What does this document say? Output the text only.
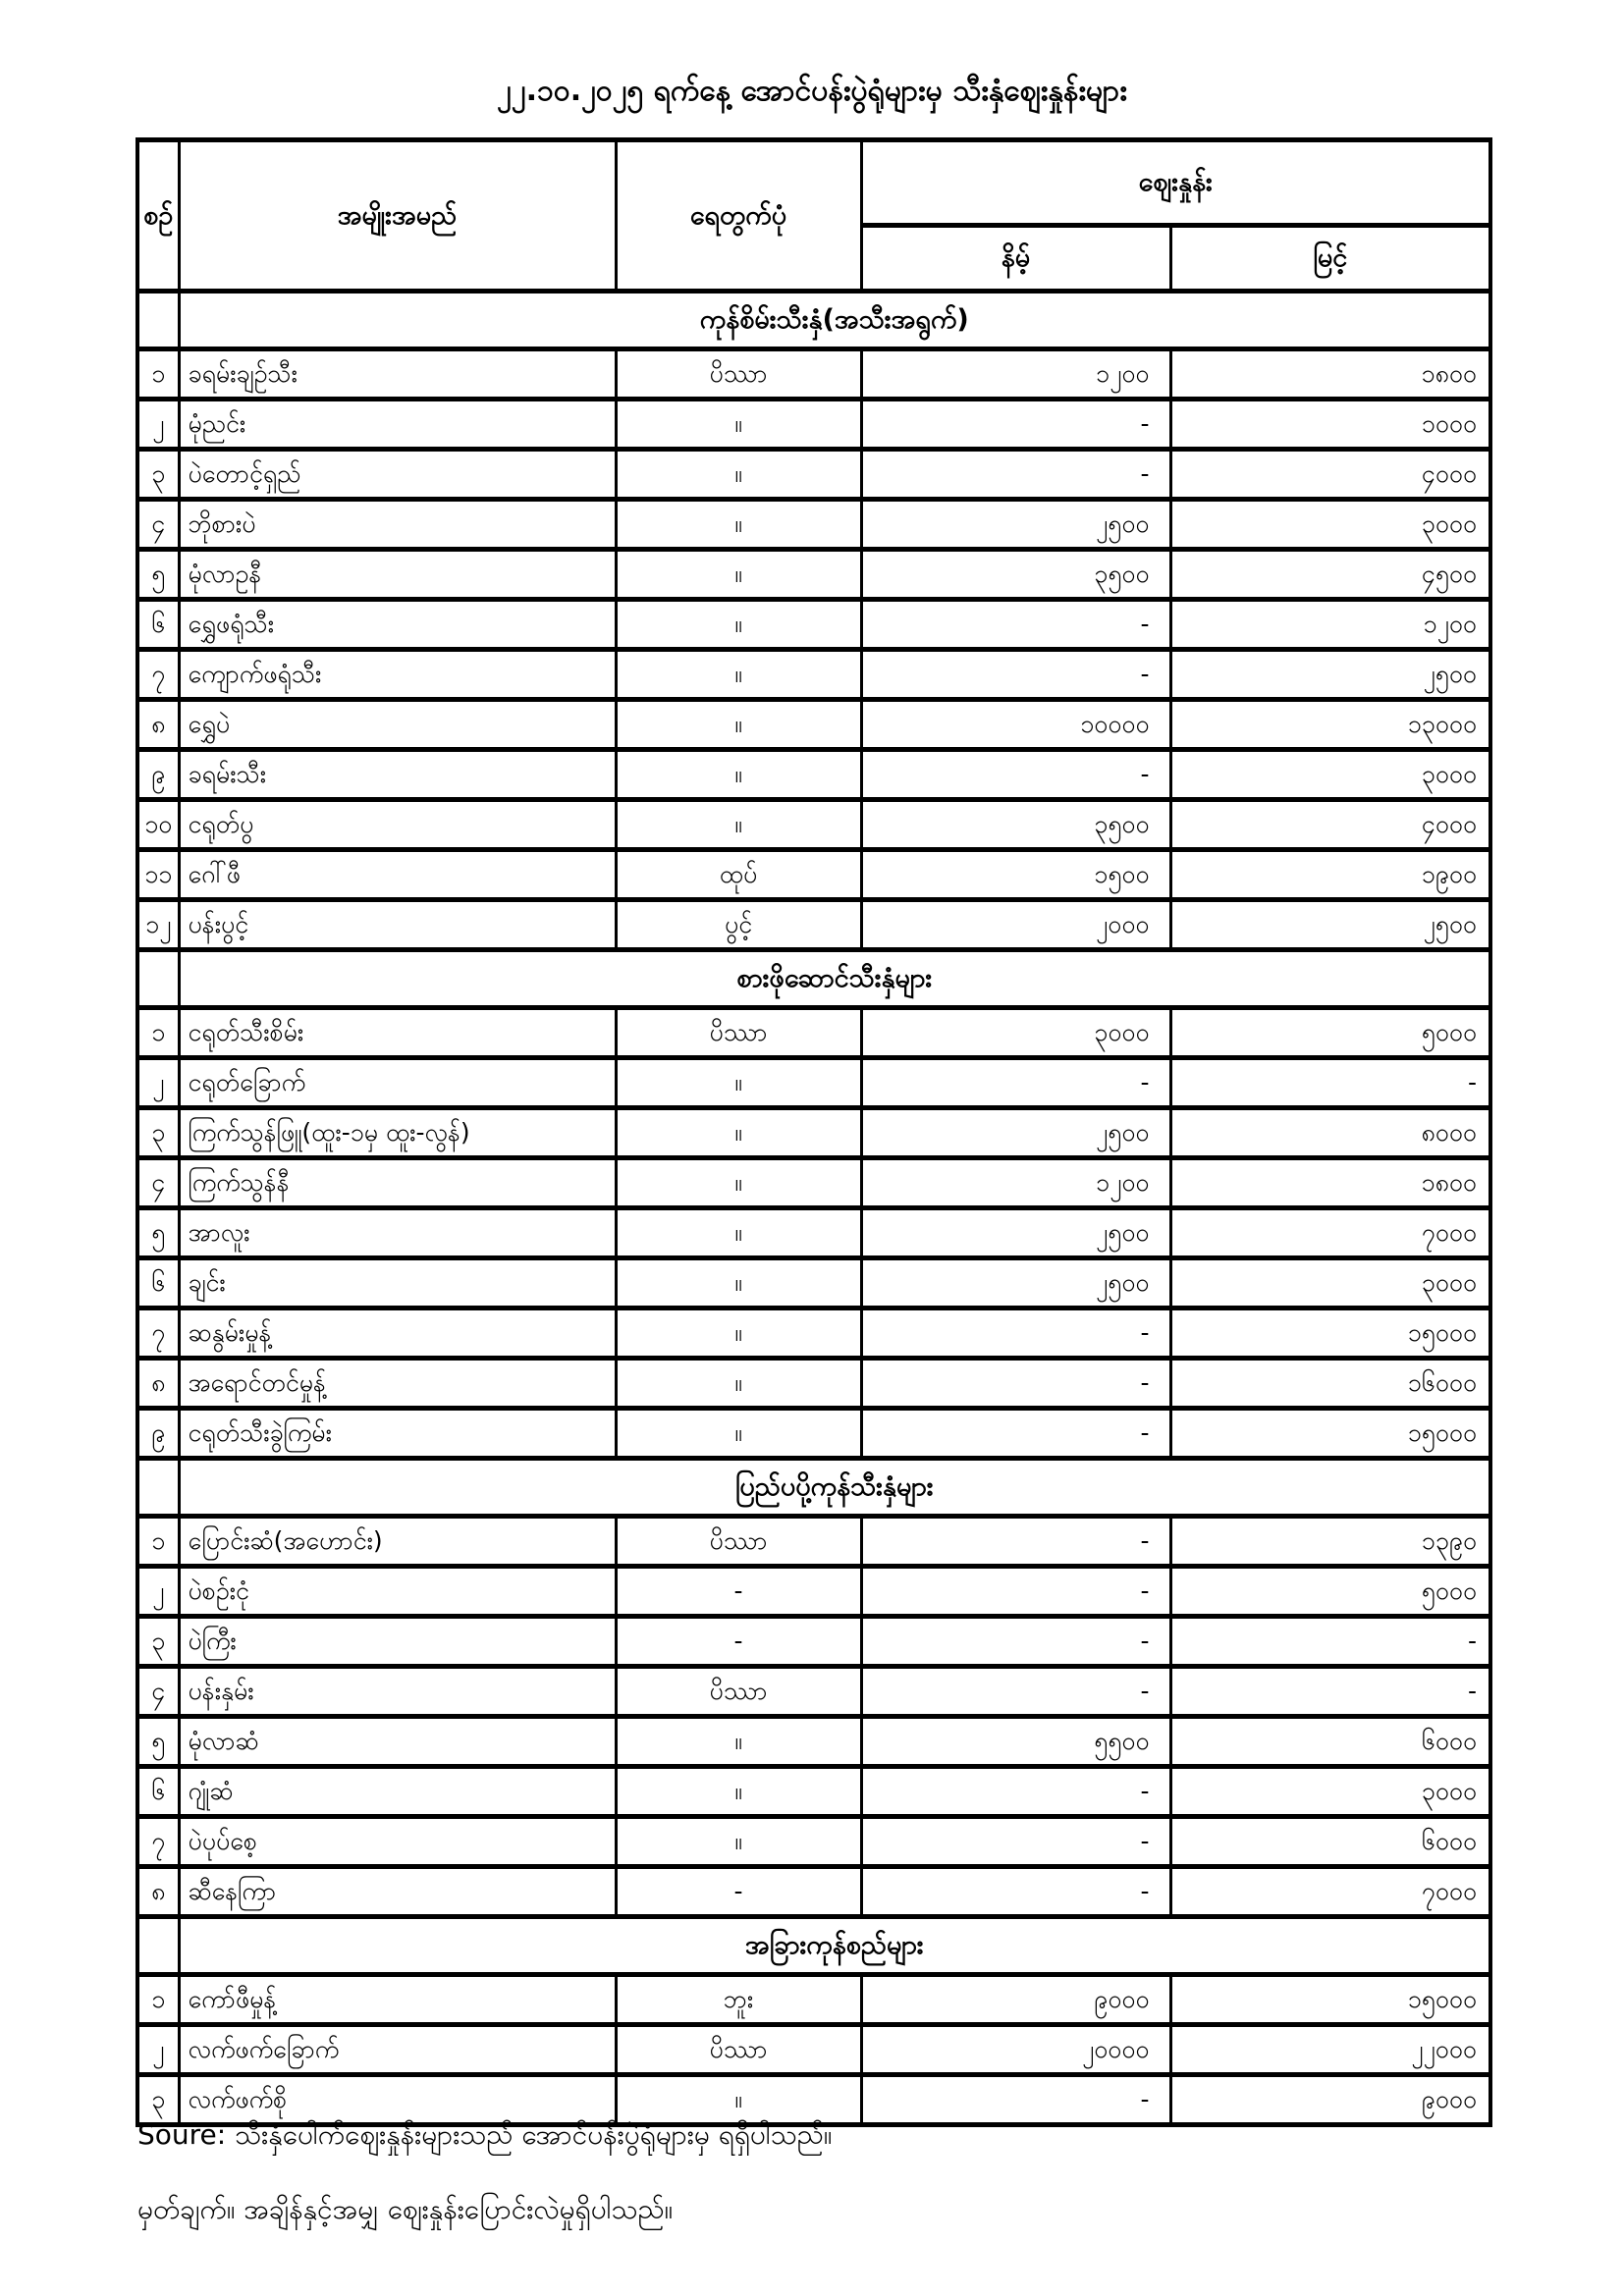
၂၂.၁၀.၂၀၂၅ ရက်နေ့ အောင်ပန်းပွဲရုံများမှ သီးနှံဈေးနှုန်းများ
စဉ်	အမျိုးအမည်	ရေတွက်ပုံ	ဈေးနှုန်း	
			နိမ့်	မြင့်
	ကုန်စိမ်းသီးနှံ(အသီးအရွက်)			
၁	ခရမ်းချဉ်သီး	ပိဿာ	၁၂၀၀	၁၈၀၀
၂	မုံညင်း	။	-	၁၀၀၀
၃	ပဲတောင့်ရှည်	။	-	၄၀၀၀
၄	ဘိုစားပဲ	။	၂၅၀၀	၃၀၀၀
၅	မုံလာဥနီ	။	၃၅၀၀	၄၅၀၀
၆	ရွှေဖရုံသီး	။	-	၁၂၀၀
၇	ကျောက်ဖရုံသီး	။	-	၂၅၀၀
၈	ရွှေပဲ	။	၁၀၀၀၀	၁၃၀၀၀
၉	ခရမ်းသီး	။	-	၃၀၀၀
၁၀	ငရုတ်ပွ	။	၃၅၀၀	၄၀၀၀
၁၁	ဂေါ်ဖီ	ထုပ်	၁၅၀၀	၁၉၀၀
၁၂	ပန်းပွင့်	ပွင့်	၂၀၀၀	၂၅၀၀
	စားဖိုဆောင်သီးနှံများ			
၁	ငရုတ်သီးစိမ်း	ပိဿာ	၃၀၀၀	၅၀၀၀
၂	ငရုတ်ခြောက်	။	-	-
၃	ကြက်သွန်ဖြူ(ထူး-၁မှ ထူး-လွန်)	။	၂၅၀၀	၈၀၀၀
၄	ကြက်သွန်နီ	။	၁၂၀၀	၁၈၀၀
၅	အာလူး	။	၂၅၀၀	၇၀၀၀
၆	ချင်း	။	၂၅၀၀	၃၀၀၀
၇	ဆနွမ်းမှုန့်	။	-	၁၅၀၀၀
၈	အရောင်တင်မှုန့်	။	-	၁၆၀၀၀
၉	ငရုတ်သီးခွဲကြမ်း	။	-	၁၅၀၀၀
	ပြည်ပပို့ကုန်သီးနှံများ			
၁	ပြောင်းဆံ(အဟောင်း)	ပိဿာ	-	၁၃၉၀
၂	ပဲစဉ်းငုံ	-	-	၅၀၀၀
၃	ပဲကြီး	-	-	-
၄	ပန်းနှမ်း	ပိဿာ	-	-
၅	မုံလာဆံ	။	၅၅၀၀	၆၀၀၀
၆	ဂျုံဆံ	။	-	၃၀၀၀
၇	ပဲပုပ်စေ့	။	-	၆၀၀၀
၈	ဆီနေကြာ	-	-	၇၀၀၀
	အခြားကုန်စည်များ			
၁	ကော်ဖီမှုန့်	ဘူး	၉၀၀၀	၁၅၀၀၀
၂	လက်ဖက်ခြောက်	ပိဿာ	၂၀၀၀၀	၂၂၀၀၀
၃	လက်ဖက်စို	။	-	၉၀၀၀
Soure: သီးနှံပေါက်ဈေးနှုန်းများသည် အောင်ပန်းပွဲရုံများမှ ရရှိပါသည်။
မှတ်ချက်။ အချိန်နှင့်အမျှ ဈေးနှုန်းပြောင်းလဲမှုရှိပါသည်။
